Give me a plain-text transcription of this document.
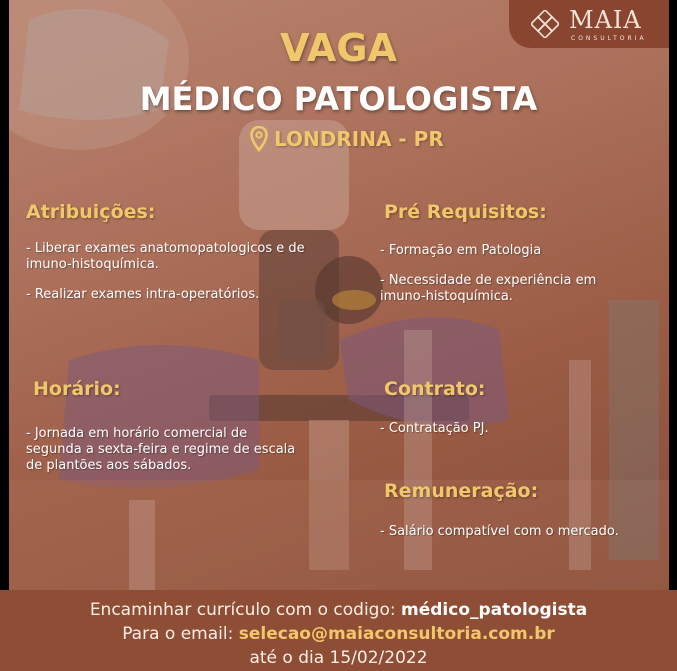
MAIA
CONSULTORIA
VAGA
MÉDICO PATOLOGISTA
LONDRINA - PR
Atribuições:

- Liberar exames anatomopatologicos e de imuno-histoquímica.

- Realizar exames intra-operatórios.

Pré Requisitos:

- Formação em Patologia

- Necessidade de experiência em imuno-histoquímica.

Horário:

- Jornada em horário comercial de segunda a sexta-feira e regime de escala de plantões aos sábados.

Contrato:

- Contratação PJ.

Remuneração:

- Salário compatível com o mercado.

Encaminhar currículo com o codigo: médico_patologista
Para o email: selecao@maiaconsultoria.com.br
até o dia 15/02/2022
